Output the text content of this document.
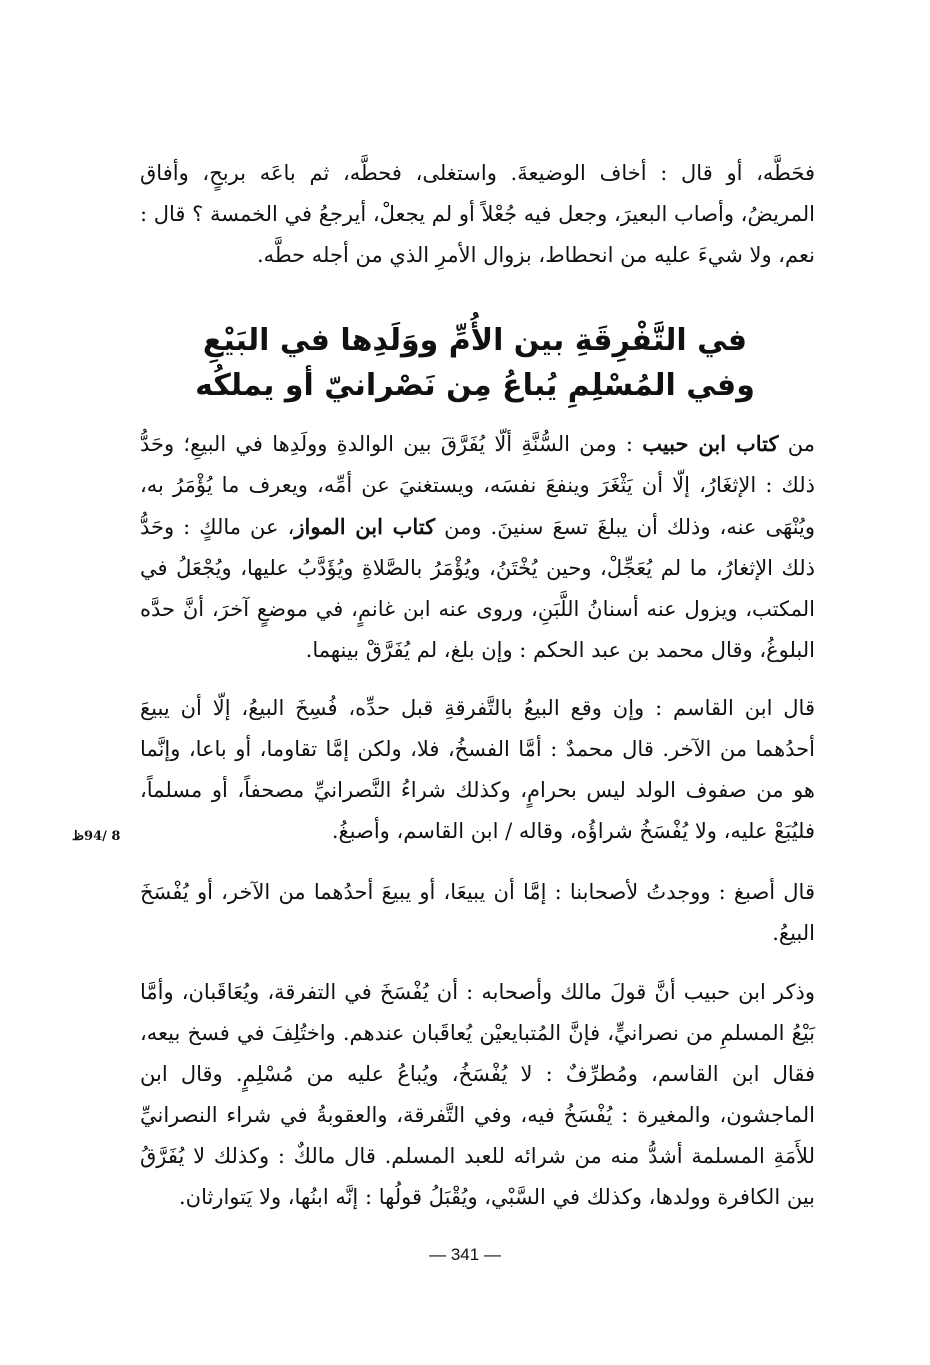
فحَطَّه، أو قال : أخاف الوضيعةَ. واستغلى، فحطَّه، ثم باعَه بربحٍ، وأفاق المريضُ، وأصاب البعيرَ، وجعل فيه جُعْلاً أو لم يجعلْ، أيرجعُ في الخمسة ؟ قال : نعم، ولا شيءَ عليه من انحطاط، بزوال الأمرِ الذي من أجله حطَّه.

في التَّفْرِقَةِ بين الأُمِّ ووَلَدِها في البَيْعِ
وفي المُسْلِمِ يُباعُ مِن نَصْرانيّ أو يملكُه

من كتاب ابن حبيب : ومن السُّنَّةِ ألّا يُفَرَّقَ بين الوالدةِ وولَدِها في البيعِ؛ وحَدُّ ذلك : الإثغَارُ، إلّا أن يَثْغَرَ وينفعَ نفسَه، ويستغنيَ عن أمِّه، ويعرف ما يُؤْمَرُ به، ويُنْهَى عنه، وذلك أن يبلغَ تسعَ سنينَ. ومن كتاب ابن المواز، عن مالكٍ : وحَدُّ ذلك الإثغارُ، ما لم يُعَجِّلْ، وحين يُخْتَنُ، ويُؤْمَرُ بالصَّلاةِ ويُؤَدَّبُ عليها، ويُجْعَلُ في المكتب، ويزول عنه أسنانُ اللَّبَنِ، وروى عنه ابن غانمٍ، في موضعٍ آخرَ، أنَّ حدَّه البلوغُ، وقال محمد بن عبد الحكم : وإن بلغ، لم يُفَرَّقْ بينهما.

قال ابن القاسم : وإن وقع البيعُ بالتَّفرقةِ قبل حدِّه، فُسِخَ البيعُ، إلّا أن يبيعَ أحدُهما من الآخر. قال محمدٌ : أمَّا الفسخُ، فلا، ولكن إمَّا تقاوما، أو باعا، وإنَّما هو من صفوف الولد ليس بحرامٍ، وكذلك شراءُ النَّصرانيِّ مصحفاً، أو مسلماً، فليُبَعْ عليه، ولا يُفْسَخُ شراؤُه، وقاله / ابن القاسم، وأصبغُ.

8 /94ظ

قال أصبغ : ووجدتُ لأصحابنا : إمَّا أن يبيعَا، أو يبيعَ أحدُهما من الآخر، أو يُفْسَخَ البيعُ.

وذكر ابن حبيب أنَّ قولَ مالك وأصحابه : أن يُفْسَخَ في التفرقة، ويُعَاقَبان، وأمَّا بَيْعُ المسلمِ من نصرانيٍّ، فإنَّ المُتبايعيْن يُعاقَبان عندهم. واختُلِفَ في فسخ بيعه، فقال ابن القاسم، ومُطرِّفٌ : لا يُفْسَخُ، ويُباعُ عليه من مُسْلِمٍ. وقال ابن الماجشون، والمغيرة : يُفْسَخُ فيه، وفي التَّفرقة، والعقوبةُ في شراء النصرانيِّ للأَمَةِ المسلمة أشدُّ منه من شرائه للعبد المسلم. قال مالكٌ : وكذلك لا يُفَرَّقُ بين الكافرة وولدها، وكذلك في السَّبْي، ويُقْبَلُ قولُها : إنَّه ابنُها، ولا يَتوارثان.

— 341 —
